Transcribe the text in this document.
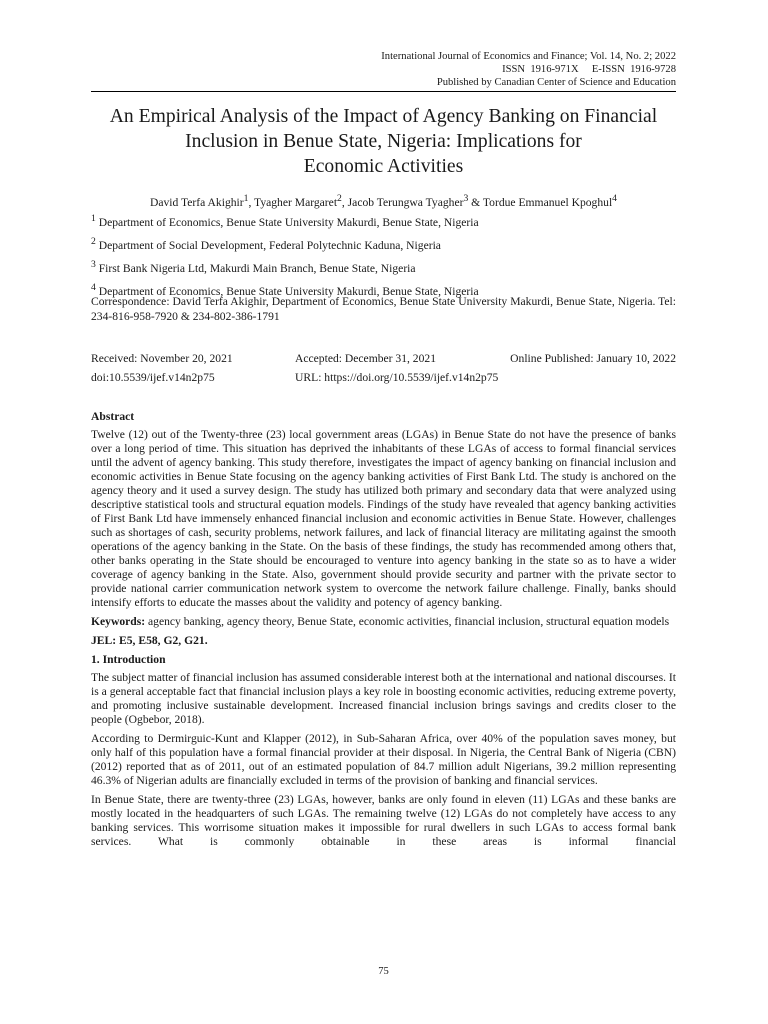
International Journal of Economics and Finance; Vol. 14, No. 2; 2022
ISSN  1916-971X     E-ISSN  1916-9728
Published by Canadian Center of Science and Education
An Empirical Analysis of the Impact of Agency Banking on Financial
Inclusion in Benue State, Nigeria: Implications for
Economic Activities
David Terfa Akighir$^1$, Tyagher Margaret$^2$, Jacob Terungwa Tyagher$^3$ & Tordue Emmanuel Kpoghul$^4$

$^1$ Department of Economics, Benue State University Makurdi, Benue State, Nigeria

$^2$ Department of Social Development, Federal Polytechnic Kaduna, Nigeria

$^3$ First Bank Nigeria Ltd, Makurdi Main Branch, Benue State, Nigeria

$^4$ Department of Economics, Benue State University Makurdi, Benue State, Nigeria

Correspondence: David Terfa Akighir, Department of Economics, Benue State University Makurdi, Benue State, Nigeria. Tel: 234-816-958-7920 & 234-802-386-1791
Received: November 20, 2021	Accepted: December 31, 2021	Online Published: January 10, 2022
doi:10.5539/ijef.v14n2p75	URL: https://doi.org/10.5539/ijef.v14n2p75

Abstract

Twelve (12) out of the Twenty-three (23) local government areas (LGAs) in Benue State do not have the presence of banks over a long period of time. This situation has deprived the inhabitants of these LGAs of access to formal financial services until the advent of agency banking. This study therefore, investigates the impact of agency banking on financial inclusion and economic activities in Benue State focusing on the agency banking activities of First Bank Ltd. The study is anchored on the agency theory and it used a survey design. The study has utilized both primary and secondary data that were analyzed using descriptive statistical tools and structural equation models. Findings of the study have revealed that agency banking activities of First Bank Ltd have immensely enhanced financial inclusion and economic activities in Benue State. However, challenges such as shortages of cash, security problems, network failures, and lack of financial literacy are militating against the smooth operations of the agency banking in the State. On the basis of these findings, the study has recommended among others that, other banks operating in the State should be encouraged to venture into agency banking in the state so as to have a wider coverage of agency banking in the State. Also, government should provide security and partner with the private sector to provide national carrier communication network system to overcome the network failure challenge. Finally, banks should intensify efforts to educate the masses about the validity and potency of agency banking.

Keywords: agency banking, agency theory, Benue State, economic activities, financial inclusion, structural equation models

JEL: E5, E58, G2, G21.

1. Introduction

The subject matter of financial inclusion has assumed considerable interest both at the international and national discourses. It is a general acceptable fact that financial inclusion plays a key role in boosting economic activities, reducing extreme poverty, and promoting inclusive sustainable development. Increased financial inclusion brings savings and credits closer to the people (Ogbebor, 2018).

According to Dermirguic-Kunt and Klapper (2012), in Sub-Saharan Africa, over 40% of the population saves money, but only half of this population have a formal financial provider at their disposal. In Nigeria, the Central Bank of Nigeria (CBN) (2012) reported that as of 2011, out of an estimated population of 84.7 million adult Nigerians, 39.2 million representing 46.3% of Nigerian adults are financially excluded in terms of the provision of banking and financial services.

In Benue State, there are twenty-three (23) LGAs, however, banks are only found in eleven (11) LGAs and these banks are mostly located in the headquarters of such LGAs. The remaining twelve (12) LGAs do not completely have access to any banking services. This worrisome situation makes it impossible for rural dwellers in such LGAs to access formal bank services. What is commonly obtainable in these areas is informal financial

75
